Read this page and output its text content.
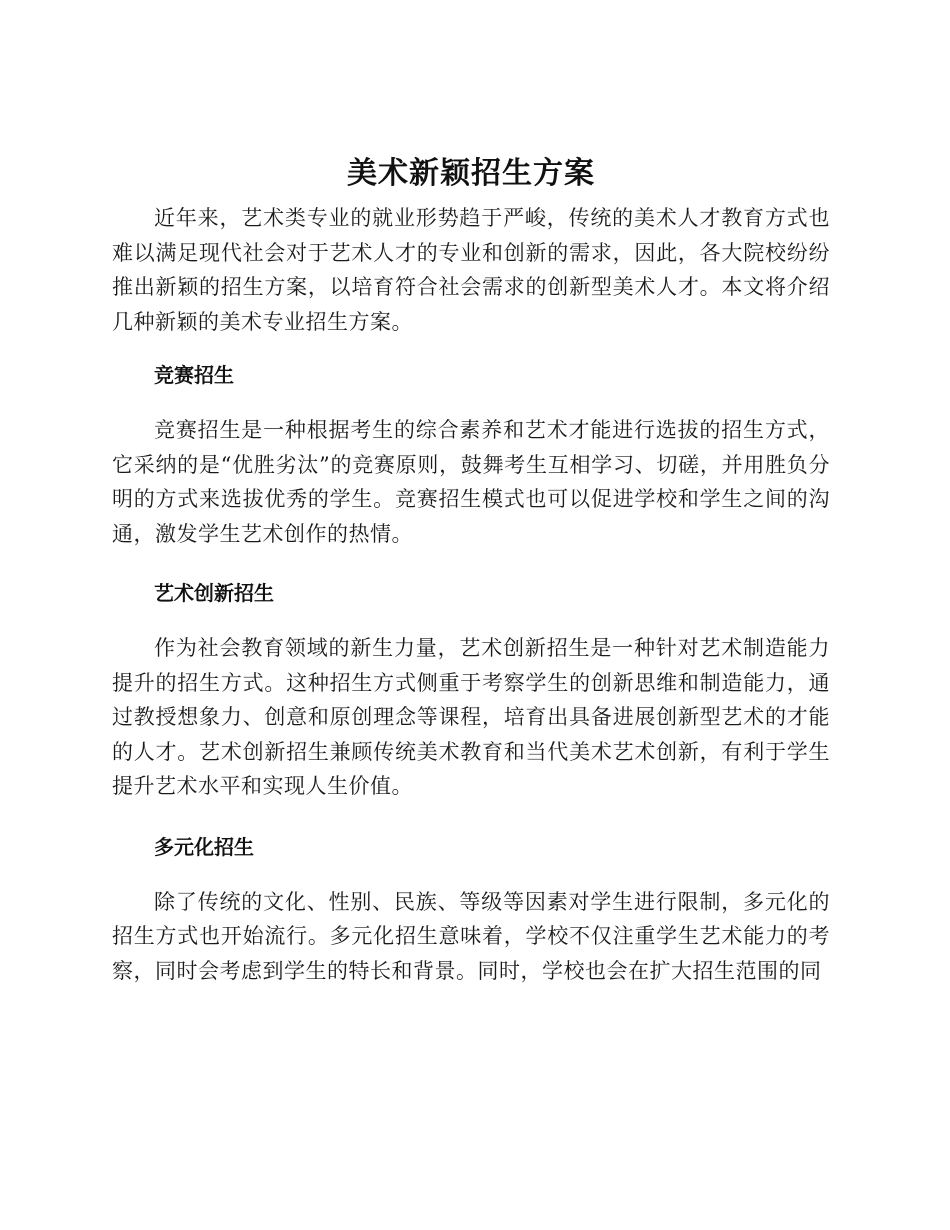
美术新颖招生方案

近年来，艺术类专业的就业形势趋于严峻，传统的美术人才教育方式也难以满足现代社会对于艺术人才的专业和创新的需求，因此，各大院校纷纷推出新颖的招生方案，以培育符合社会需求的创新型美术人才。本文将介绍几种新颖的美术专业招生方案。

竞赛招生

竞赛招生是一种根据考生的综合素养和艺术才能进行选拔的招生方式，它采纳的是“优胜劣汰”的竞赛原则，鼓舞考生互相学习、切磋，并用胜负分明的方式来选拔优秀的学生。竞赛招生模式也可以促进学校和学生之间的沟通，激发学生艺术创作的热情。

艺术创新招生

作为社会教育领域的新生力量，艺术创新招生是一种针对艺术制造能力提升的招生方式。这种招生方式侧重于考察学生的创新思维和制造能力，通过教授想象力、创意和原创理念等课程，培育出具备进展创新型艺术的才能的人才。艺术创新招生兼顾传统美术教育和当代美术艺术创新，有利于学生提升艺术水平和实现人生价值。

多元化招生

除了传统的文化、性别、民族、等级等因素对学生进行限制，多元化的招生方式也开始流行。多元化招生意味着，学校不仅注重学生艺术能力的考察，同时会考虑到学生的特长和背景。同时，学校也会在扩大招生范围的同
